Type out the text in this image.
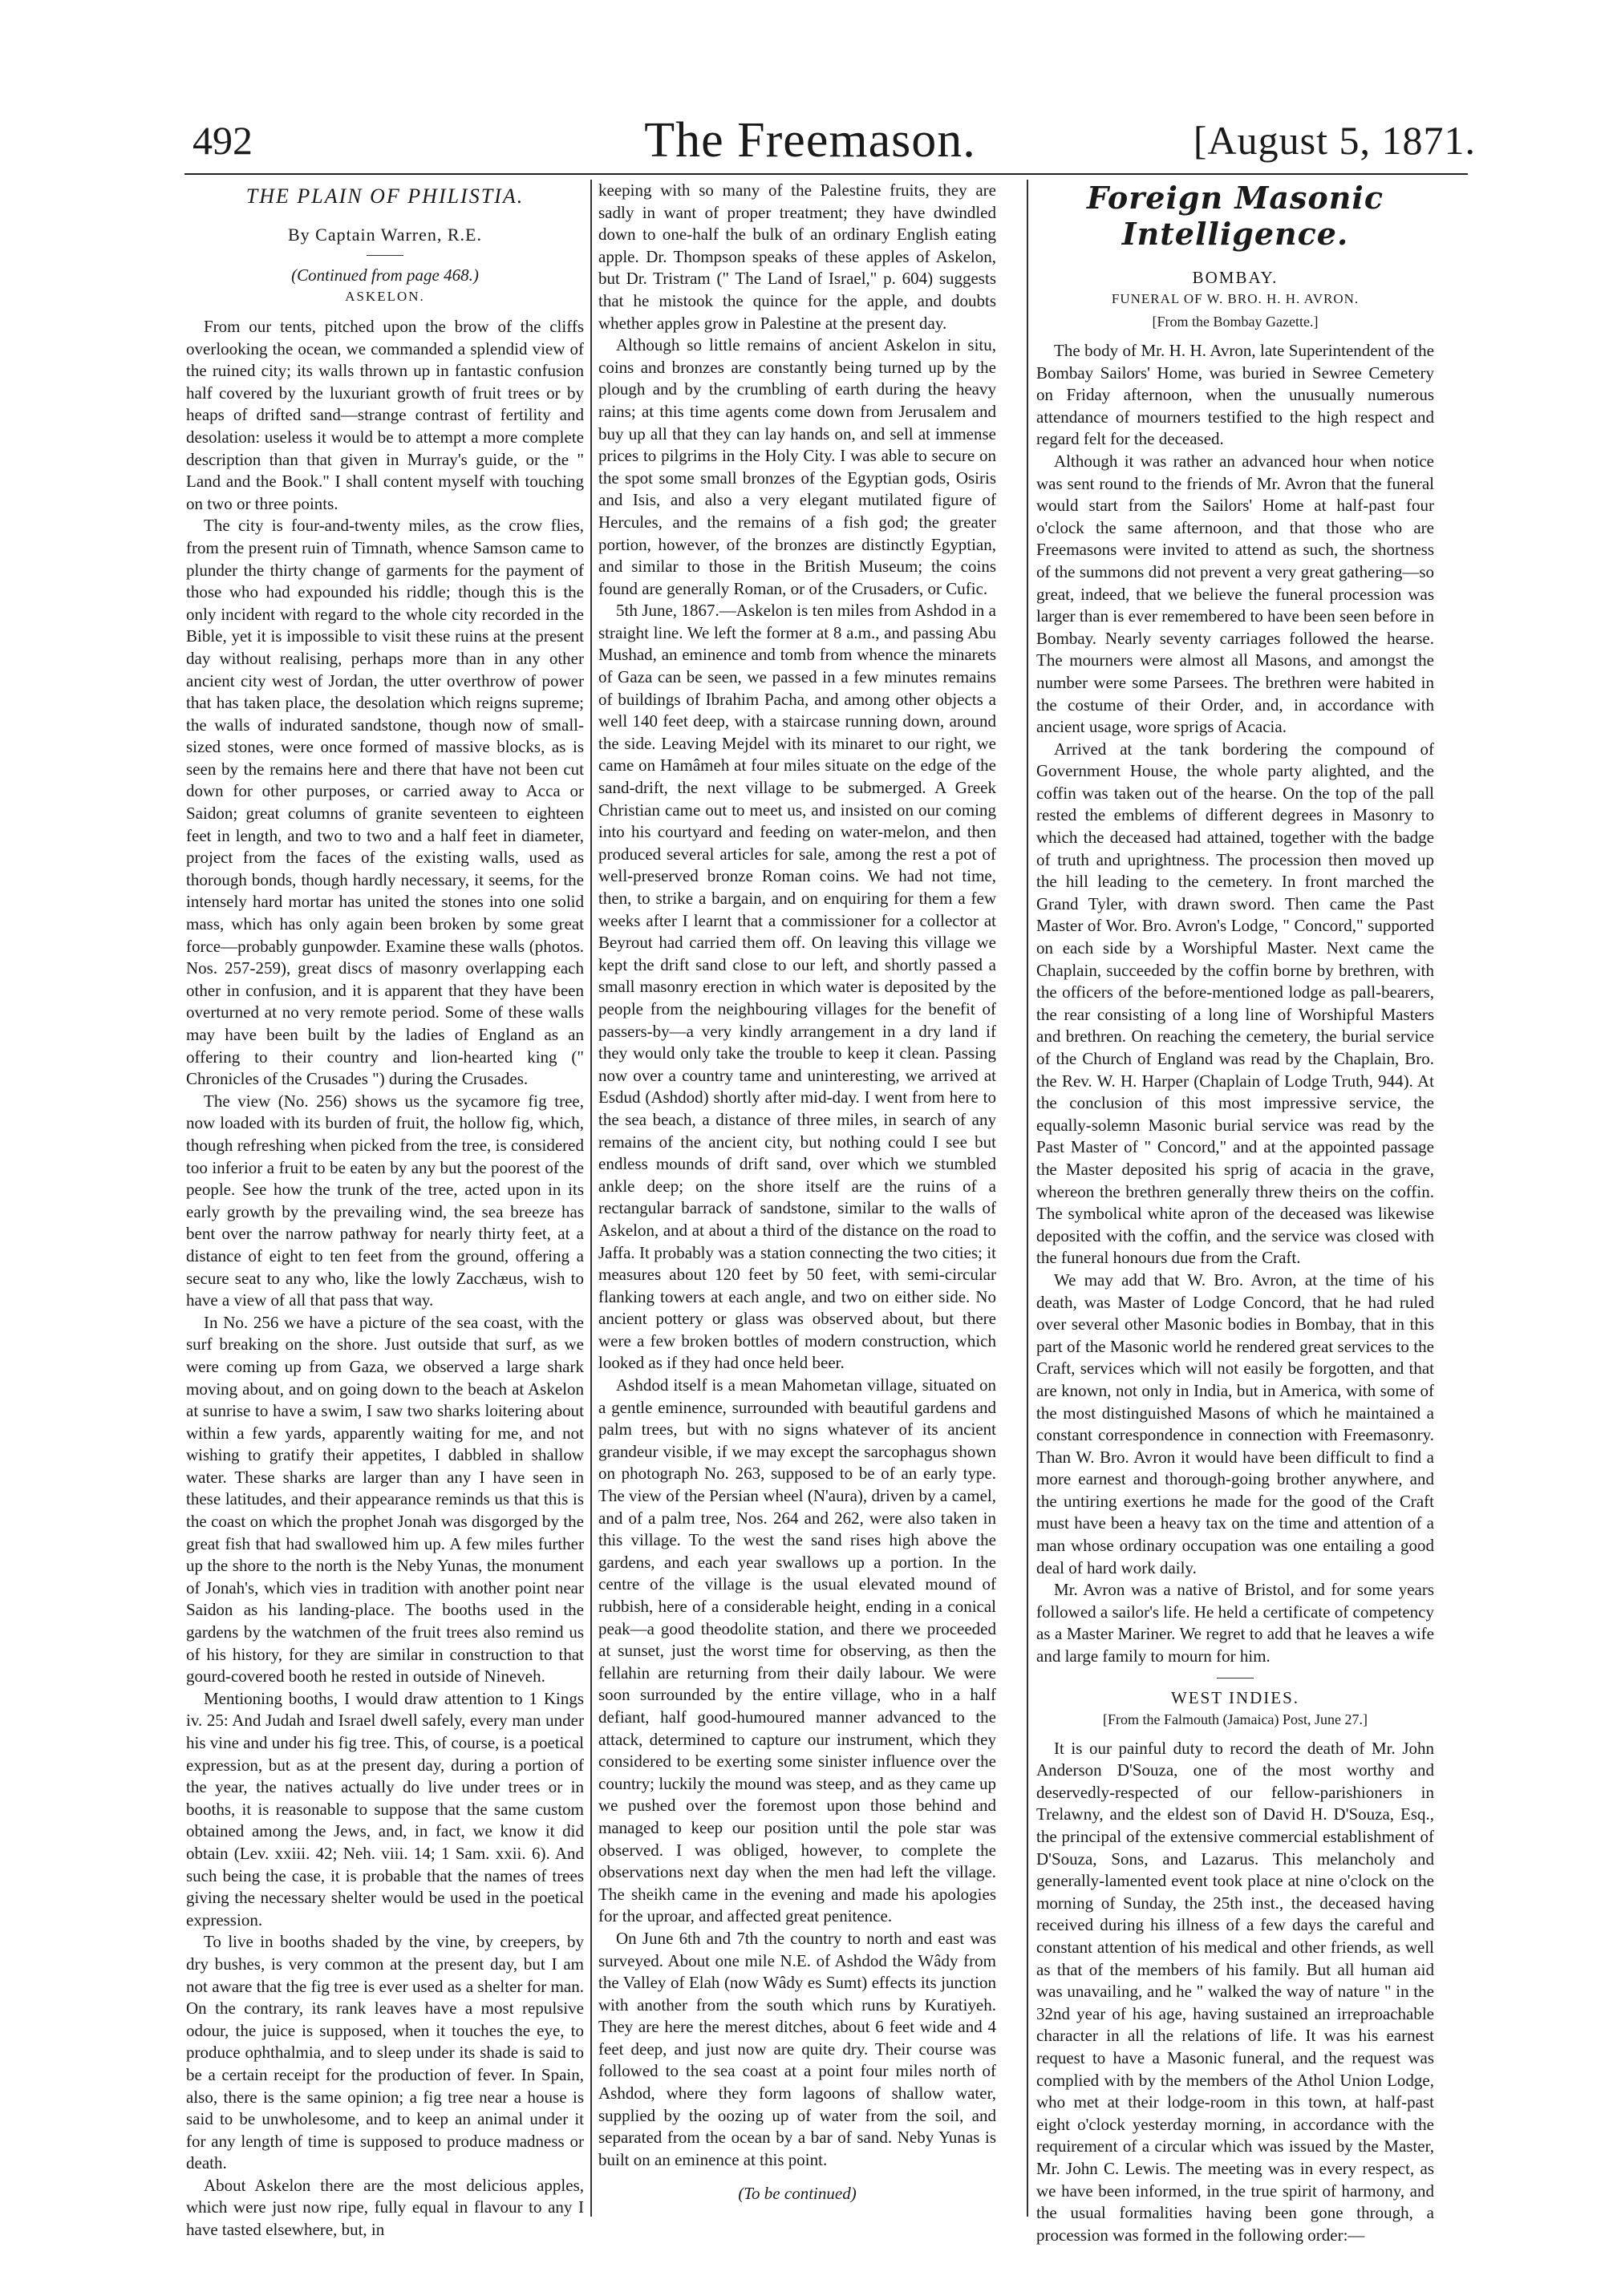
492	The Freemason.	[August 5, 1871.
THE PLAIN OF PHILISTIA.
By Captain Warren, R.E.
(Continued from page 468.)
ASKELON.

From our tents, pitched upon the brow of the cliffs overlooking the ocean, we commanded a splendid view of the ruined city; its walls thrown up in fantastic confusion half covered by the luxuriant growth of fruit trees or by heaps of drifted sand—strange contrast of fertility and desolation: useless it would be to attempt a more complete description than that given in Murray's guide, or the " Land and the Book." I shall content myself with touching on two or three points.

The city is four-and-twenty miles, as the crow flies, from the present ruin of Timnath, whence Samson came to plunder the thirty change of garments for the payment of those who had expounded his riddle; though this is the only incident with regard to the whole city recorded in the Bible, yet it is impossible to visit these ruins at the present day without realising, perhaps more than in any other ancient city west of Jordan, the utter overthrow of power that has taken place, the desolation which reigns supreme; the walls of indurated sandstone, though now of small-sized stones, were once formed of massive blocks, as is seen by the remains here and there that have not been cut down for other purposes, or carried away to Acca or Saidon; great columns of granite seventeen to eighteen feet in length, and two to two and a half feet in diameter, project from the faces of the existing walls, used as thorough bonds, though hardly necessary, it seems, for the intensely hard mortar has united the stones into one solid mass, which has only again been broken by some great force—probably gunpowder. Examine these walls (photos. Nos. 257-259), great discs of masonry overlapping each other in confusion, and it is apparent that they have been overturned at no very remote period. Some of these walls may have been built by the ladies of England as an offering to their country and lion-hearted king (" Chronicles of the Crusades ") during the Crusades.

The view (No. 256) shows us the sycamore fig tree, now loaded with its burden of fruit, the hollow fig, which, though refreshing when picked from the tree, is considered too inferior a fruit to be eaten by any but the poorest of the people. See how the trunk of the tree, acted upon in its early growth by the prevailing wind, the sea breeze has bent over the narrow pathway for nearly thirty feet, at a distance of eight to ten feet from the ground, offering a secure seat to any who, like the lowly Zacchæus, wish to have a view of all that pass that way.

In No. 256 we have a picture of the sea coast, with the surf breaking on the shore. Just outside that surf, as we were coming up from Gaza, we observed a large shark moving about, and on going down to the beach at Askelon at sunrise to have a swim, I saw two sharks loitering about within a few yards, apparently waiting for me, and not wishing to gratify their appetites, I dabbled in shallow water. These sharks are larger than any I have seen in these latitudes, and their appearance reminds us that this is the coast on which the prophet Jonah was disgorged by the great fish that had swallowed him up. A few miles further up the shore to the north is the Neby Yunas, the monument of Jonah's, which vies in tradition with another point near Saidon as his landing-place. The booths used in the gardens by the watchmen of the fruit trees also remind us of his history, for they are similar in construction to that gourd-covered booth he rested in outside of Nineveh.

Mentioning booths, I would draw attention to 1 Kings iv. 25: And Judah and Israel dwell safely, every man under his vine and under his fig tree. This, of course, is a poetical expression, but as at the present day, during a portion of the year, the natives actually do live under trees or in booths, it is reasonable to suppose that the same custom obtained among the Jews, and, in fact, we know it did obtain (Lev. xxiii. 42; Neh. viii. 14; 1 Sam. xxii. 6). And such being the case, it is probable that the names of trees giving the necessary shelter would be used in the poetical expression.

To live in booths shaded by the vine, by creepers, by dry bushes, is very common at the present day, but I am not aware that the fig tree is ever used as a shelter for man. On the contrary, its rank leaves have a most repulsive odour, the juice is supposed, when it touches the eye, to produce ophthalmia, and to sleep under its shade is said to be a certain receipt for the production of fever. In Spain, also, there is the same opinion; a fig tree near a house is said to be unwholesome, and to keep an animal under it for any length of time is supposed to produce madness or death.

About Askelon there are the most delicious apples, which were just now ripe, fully equal in flavour to any I have tasted elsewhere, but, in

keeping with so many of the Palestine fruits, they are sadly in want of proper treatment; they have dwindled down to one-half the bulk of an ordinary English eating apple. Dr. Thompson speaks of these apples of Askelon, but Dr. Tristram (" The Land of Israel," p. 604) suggests that he mistook the quince for the apple, and doubts whether apples grow in Palestine at the present day.

Although so little remains of ancient Askelon in situ, coins and bronzes are constantly being turned up by the plough and by the crumbling of earth during the heavy rains; at this time agents come down from Jerusalem and buy up all that they can lay hands on, and sell at immense prices to pilgrims in the Holy City. I was able to secure on the spot some small bronzes of the Egyptian gods, Osiris and Isis, and also a very elegant mutilated figure of Hercules, and the remains of a fish god; the greater portion, however, of the bronzes are distinctly Egyptian, and similar to those in the British Museum; the coins found are generally Roman, or of the Crusaders, or Cufic.

5th June, 1867.—Askelon is ten miles from Ashdod in a straight line. We left the former at 8 a.m., and passing Abu Mushad, an eminence and tomb from whence the minarets of Gaza can be seen, we passed in a few minutes remains of buildings of Ibrahim Pacha, and among other objects a well 140 feet deep, with a staircase running down, around the side. Leaving Mejdel with its minaret to our right, we came on Hamâmeh at four miles situate on the edge of the sand-drift, the next village to be submerged. A Greek Christian came out to meet us, and insisted on our coming into his courtyard and feeding on water-melon, and then produced several articles for sale, among the rest a pot of well-preserved bronze Roman coins. We had not time, then, to strike a bargain, and on enquiring for them a few weeks after I learnt that a commissioner for a collector at Beyrout had carried them off. On leaving this village we kept the drift sand close to our left, and shortly passed a small masonry erection in which water is deposited by the people from the neighbouring villages for the benefit of passers-by—a very kindly arrangement in a dry land if they would only take the trouble to keep it clean. Passing now over a country tame and uninteresting, we arrived at Esdud (Ashdod) shortly after mid-day. I went from here to the sea beach, a distance of three miles, in search of any remains of the ancient city, but nothing could I see but endless mounds of drift sand, over which we stumbled ankle deep; on the shore itself are the ruins of a rectangular barrack of sandstone, similar to the walls of Askelon, and at about a third of the distance on the road to Jaffa. It probably was a station connecting the two cities; it measures about 120 feet by 50 feet, with semi-circular flanking towers at each angle, and two on either side. No ancient pottery or glass was observed about, but there were a few broken bottles of modern construction, which looked as if they had once held beer.

Ashdod itself is a mean Mahometan village, situated on a gentle eminence, surrounded with beautiful gardens and palm trees, but with no signs whatever of its ancient grandeur visible, if we may except the sarcophagus shown on photograph No. 263, supposed to be of an early type. The view of the Persian wheel (N'aura), driven by a camel, and of a palm tree, Nos. 264 and 262, were also taken in this village. To the west the sand rises high above the gardens, and each year swallows up a portion. In the centre of the village is the usual elevated mound of rubbish, here of a considerable height, ending in a conical peak—a good theodolite station, and there we proceeded at sunset, just the worst time for observing, as then the fellahin are returning from their daily labour. We were soon surrounded by the entire village, who in a half defiant, half good-humoured manner advanced to the attack, determined to capture our instrument, which they considered to be exerting some sinister influence over the country; luckily the mound was steep, and as they came up we pushed over the foremost upon those behind and managed to keep our position until the pole star was observed. I was obliged, however, to complete the observations next day when the men had left the village. The sheikh came in the evening and made his apologies for the uproar, and affected great penitence.

On June 6th and 7th the country to north and east was surveyed. About one mile N.E. of Ashdod the Wâdy from the Valley of Elah (now Wâdy es Sumt) effects its junction with another from the south which runs by Kuratiyeh. They are here the merest ditches, about 6 feet wide and 4 feet deep, and just now are quite dry. Their course was followed to the sea coast at a point four miles north of Ashdod, where they form lagoons of shallow water, supplied by the oozing up of water from the soil, and separated from the ocean by a bar of sand. Neby Yunas is built on an eminence at this point.

(To be continued)
Foreign Masonic Intelligence.
BOMBAY.
FUNERAL OF W. BRO. H. H. AVRON.
[From the Bombay Gazette.]

The body of Mr. H. H. Avron, late Superintendent of the Bombay Sailors' Home, was buried in Sewree Cemetery on Friday afternoon, when the unusually numerous attendance of mourners testified to the high respect and regard felt for the deceased.

Although it was rather an advanced hour when notice was sent round to the friends of Mr. Avron that the funeral would start from the Sailors' Home at half-past four o'clock the same afternoon, and that those who are Freemasons were invited to attend as such, the shortness of the summons did not prevent a very great gathering—so great, indeed, that we believe the funeral procession was larger than is ever remembered to have been seen before in Bombay. Nearly seventy carriages followed the hearse. The mourners were almost all Masons, and amongst the number were some Parsees. The brethren were habited in the costume of their Order, and, in accordance with ancient usage, wore sprigs of Acacia.

Arrived at the tank bordering the compound of Government House, the whole party alighted, and the coffin was taken out of the hearse. On the top of the pall rested the emblems of different degrees in Masonry to which the deceased had attained, together with the badge of truth and uprightness. The procession then moved up the hill leading to the cemetery. In front marched the Grand Tyler, with drawn sword. Then came the Past Master of Wor. Bro. Avron's Lodge, " Concord," supported on each side by a Worshipful Master. Next came the Chaplain, succeeded by the coffin borne by brethren, with the officers of the before-mentioned lodge as pall-bearers, the rear consisting of a long line of Worshipful Masters and brethren. On reaching the cemetery, the burial service of the Church of England was read by the Chaplain, Bro. the Rev. W. H. Harper (Chaplain of Lodge Truth, 944). At the conclusion of this most impressive service, the equally-solemn Masonic burial service was read by the Past Master of " Concord," and at the appointed passage the Master deposited his sprig of acacia in the grave, whereon the brethren generally threw theirs on the coffin. The symbolical white apron of the deceased was likewise deposited with the coffin, and the service was closed with the funeral honours due from the Craft.

We may add that W. Bro. Avron, at the time of his death, was Master of Lodge Concord, that he had ruled over several other Masonic bodies in Bombay, that in this part of the Masonic world he rendered great services to the Craft, services which will not easily be forgotten, and that are known, not only in India, but in America, with some of the most distinguished Masons of which he maintained a constant correspondence in connection with Freemasonry. Than W. Bro. Avron it would have been difficult to find a more earnest and thorough-going brother anywhere, and the untiring exertions he made for the good of the Craft must have been a heavy tax on the time and attention of a man whose ordinary occupation was one entailing a good deal of hard work daily.

Mr. Avron was a native of Bristol, and for some years followed a sailor's life. He held a certificate of competency as a Master Mariner. We regret to add that he leaves a wife and large family to mourn for him.

WEST INDIES.
[From the Falmouth (Jamaica) Post, June 27.]

It is our painful duty to record the death of Mr. John Anderson D'Souza, one of the most worthy and deservedly-respected of our fellow-parishioners in Trelawny, and the eldest son of David H. D'Souza, Esq., the principal of the extensive commercial establishment of D'Souza, Sons, and Lazarus. This melancholy and generally-lamented event took place at nine o'clock on the morning of Sunday, the 25th inst., the deceased having received during his illness of a few days the careful and constant attention of his medical and other friends, as well as that of the members of his family. But all human aid was unavailing, and he " walked the way of nature " in the 32nd year of his age, having sustained an irreproachable character in all the relations of life. It was his earnest request to have a Masonic funeral, and the request was complied with by the members of the Athol Union Lodge, who met at their lodge-room in this town, at half-past eight o'clock yesterday morning, in accordance with the requirement of a circular which was issued by the Master, Mr. John C. Lewis. The meeting was in every respect, as we have been informed, in the true spirit of harmony, and the usual formalities having been gone through, a procession was formed in the following order:—
